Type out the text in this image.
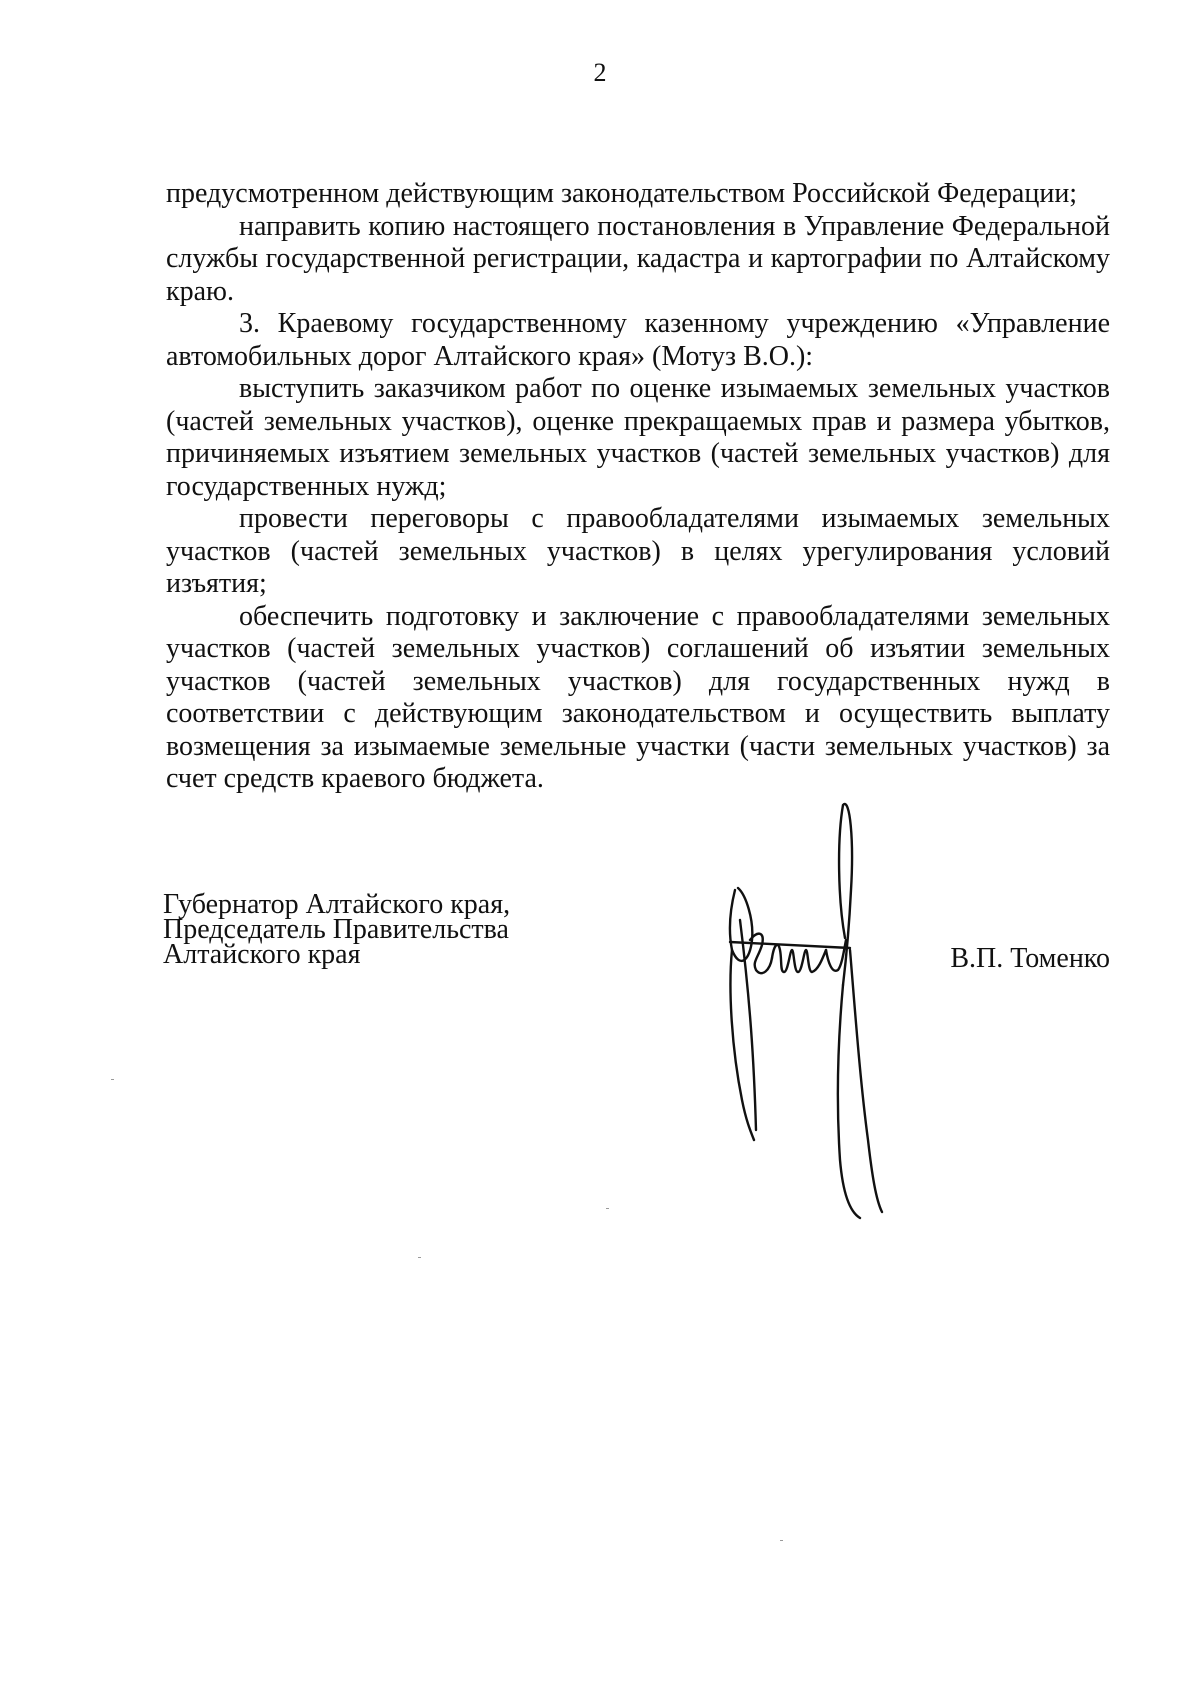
2

предусмотренном действующим законодательством Российской Федерации;

направить копию настоящего постановления в Управление Федеральной службы государственной регистрации, кадастра и картографии по Алтайскому краю.

3. Краевому государственному казенному учреждению «Управление автомобильных дорог Алтайского края» (Мотуз В.О.):

выступить заказчиком работ по оценке изымаемых земельных участков (частей земельных участков), оценке прекращаемых прав и размера убытков, причиняемых изъятием земельных участков (частей земельных участков) для государственных нужд;

провести переговоры с правообладателями изымаемых земельных участков (частей земельных участков) в целях урегулирования условий изъятия;

обеспечить подготовку и заключение с правообладателями земельных участков (частей земельных участков) соглашений об изъятии земельных участков (частей земельных участков) для государственных нужд в соответствии с действующим законодательством и осуществить выплату возмещения за изымаемые земельные участки (части земельных участков) за счет средств краевого бюджета.

Губернатор Алтайского края,
Председатель Правительства
Алтайского края	В.П. Томенко
